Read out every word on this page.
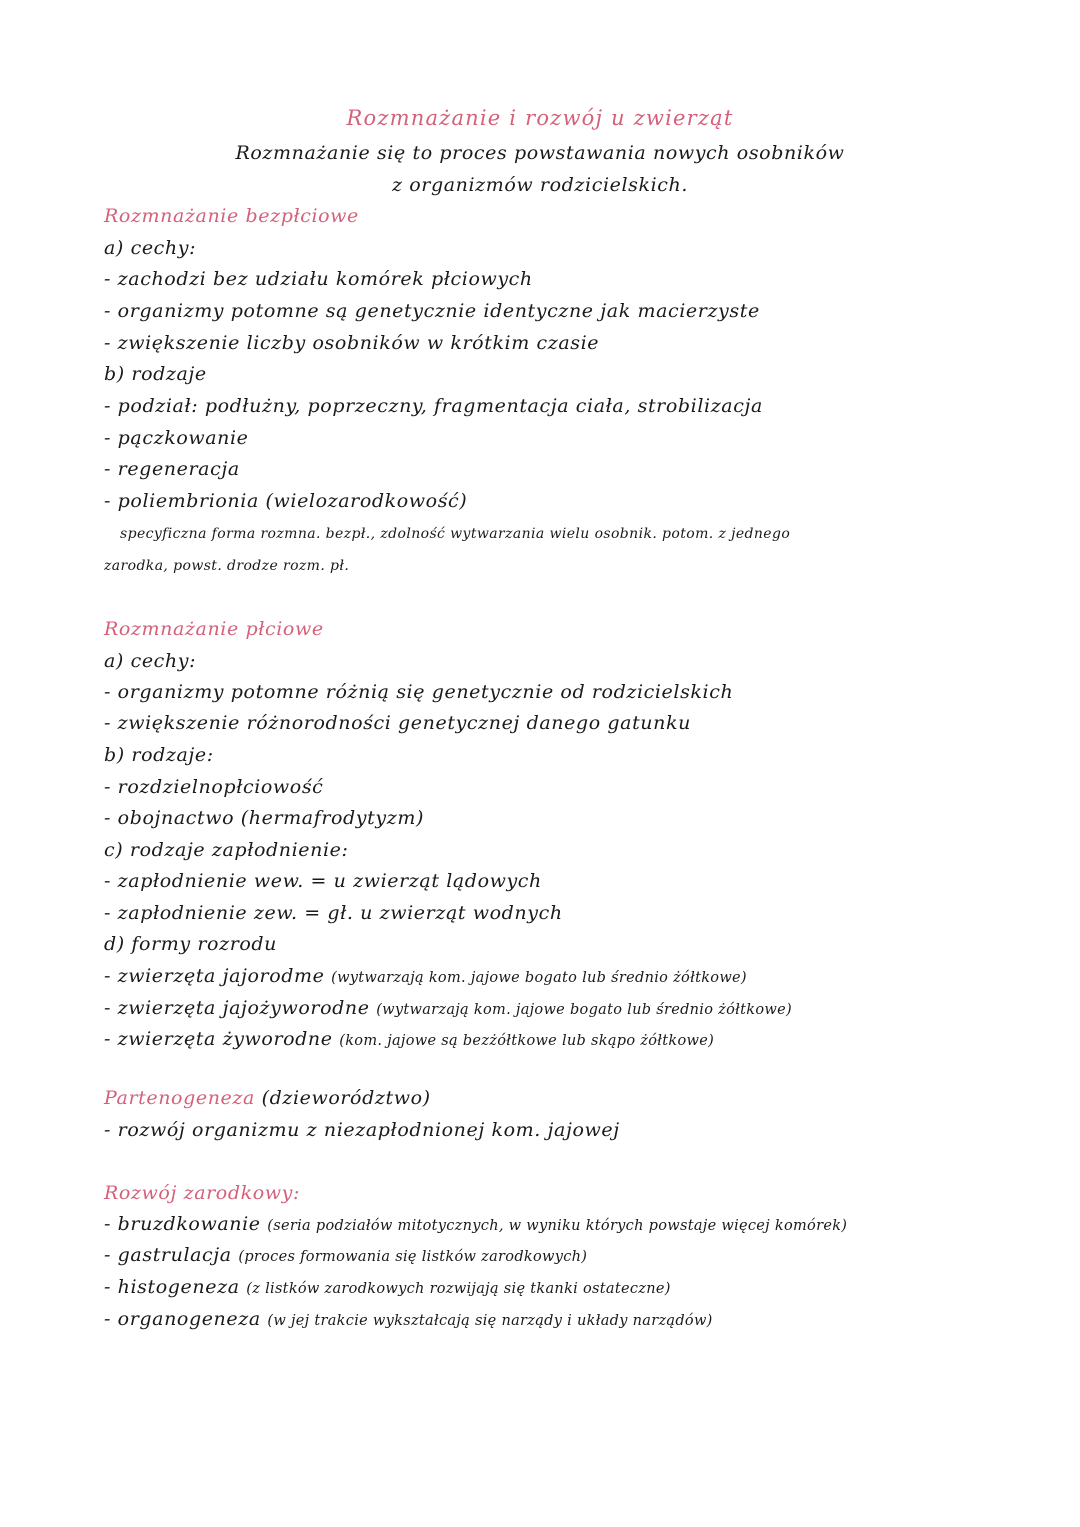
Rozmnażanie i rozwój u zwierząt
Rozmnażanie się to proces powstawania nowych osobników
z organizmów rodzicielskich.
Rozmnażanie bezpłciowe
a) cechy:
- zachodzi bez udziału komórek płciowych
- organizmy potomne są genetycznie identyczne jak macierzyste
- zwiększenie liczby osobników w krótkim czasie
b) rodzaje
- podział: podłużny, poprzeczny, fragmentacja ciała, strobilizacja
- pączkowanie
- regeneracja
- poliembrionia (wielozarodkowość)
specyficzna forma rozmna. bezpł., zdolność wytwarzania wielu osobnik. potom. z jednego
zarodka, powst. drodze rozm. pł.
Rozmnażanie płciowe
a) cechy:
- organizmy potomne różnią się genetycznie od rodzicielskich
- zwiększenie różnorodności genetycznej danego gatunku
b) rodzaje:
- rozdzielnopłciowość
- obojnactwo (hermafrodytyzm)
c) rodzaje zapłodnienie:
- zapłodnienie wew. = u zwierząt lądowych
- zapłodnienie zew. = gł. u zwierząt wodnych
d) formy rozrodu
- zwierzęta jajorodme (wytwarzają kom. jajowe bogato lub średnio żółtkowe)
- zwierzęta jajożyworodne (wytwarzają kom. jajowe bogato lub średnio żółtkowe)
- zwierzęta żyworodne (kom. jajowe są bezżółtkowe lub skąpo żółtkowe)
Partenogeneza (dzieworództwo)
- rozwój organizmu z niezapłodnionej kom. jajowej
Rozwój zarodkowy:
- bruzdkowanie (seria podziałów mitotycznych, w wyniku których powstaje więcej komórek)
- gastrulacja (proces formowania się listków zarodkowych)
- histogeneza (z listków zarodkowych rozwijają się tkanki ostateczne)
- organogeneza (w jej trakcie wykształcają się narządy i układy narządów)
